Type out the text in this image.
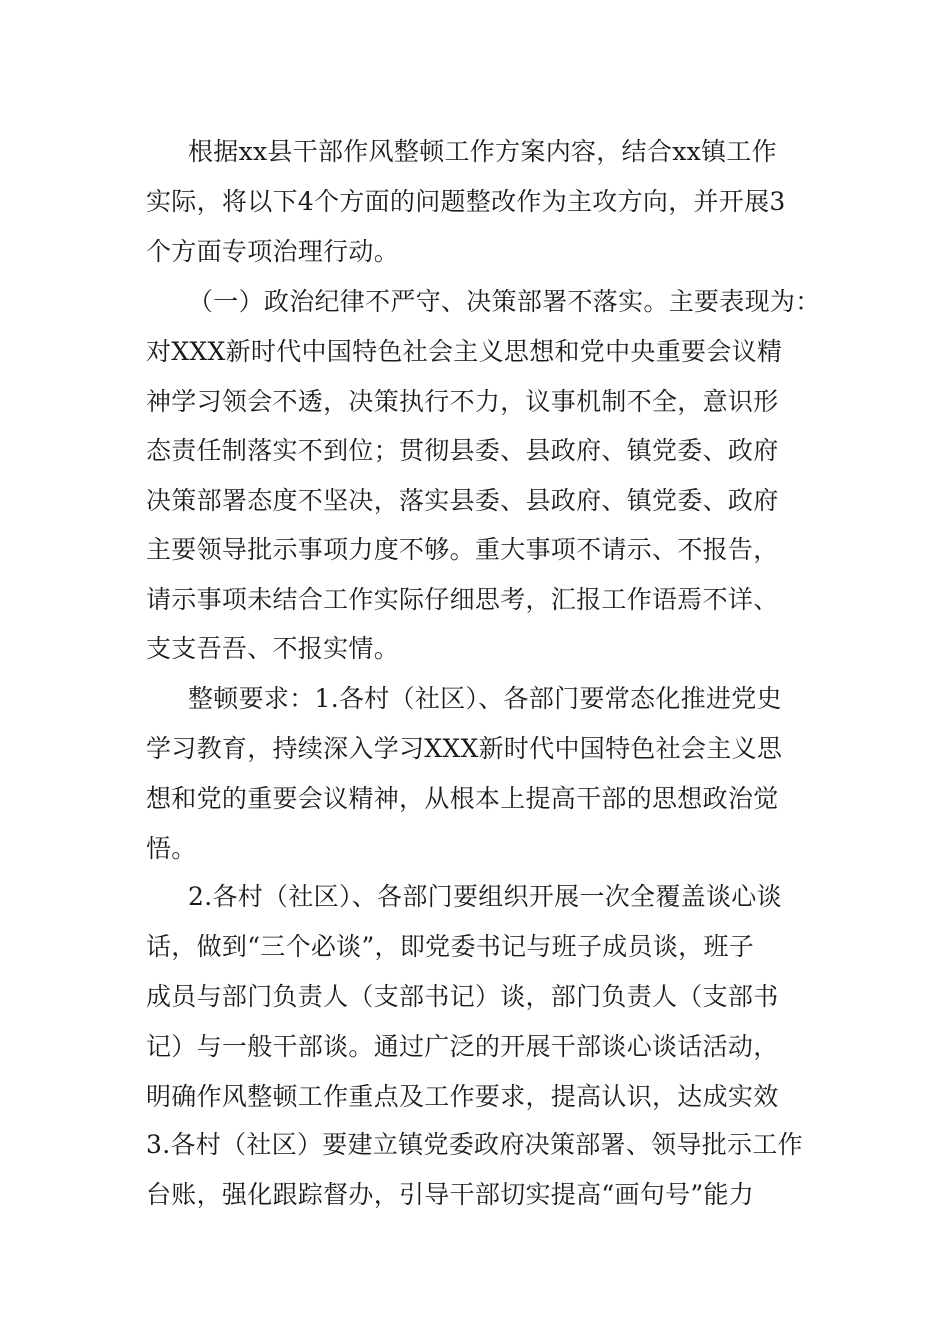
根据xx县干部作风整顿工作方案内容，结合xx镇工作
实际，将以下4个方面的问题整改作为主攻方向，并开展3
个方面专项治理行动。
（一）政治纪律不严守、决策部署不落实。主要表现为：
对XXX新时代中国特色社会主义思想和党中央重要会议精
神学习领会不透，决策执行不力，议事机制不全，意识形
态责任制落实不到位；贯彻县委、县政府、镇党委、政府
决策部署态度不坚决，落实县委、县政府、镇党委、政府
主要领导批示事项力度不够。重大事项不请示、不报告，
请示事项未结合工作实际仔细思考，汇报工作语焉不详、
支支吾吾、不报实情。
整顿要求：1.各村（社区）、各部门要常态化推进党史
学习教育，持续深入学习XXX新时代中国特色社会主义思
想和党的重要会议精神，从根本上提高干部的思想政治觉
悟。
2.各村（社区）、各部门要组织开展一次全覆盖谈心谈
话，做到“三个必谈”，即党委书记与班子成员谈，班子
成员与部门负责人（支部书记）谈，部门负责人（支部书
记）与一般干部谈。通过广泛的开展干部谈心谈话活动，
明确作风整顿工作重点及工作要求，提高认识，达成实效
3.各村（社区）要建立镇党委政府决策部署、领导批示工作
台账，强化跟踪督办，引导干部切实提高“画句号”能力
